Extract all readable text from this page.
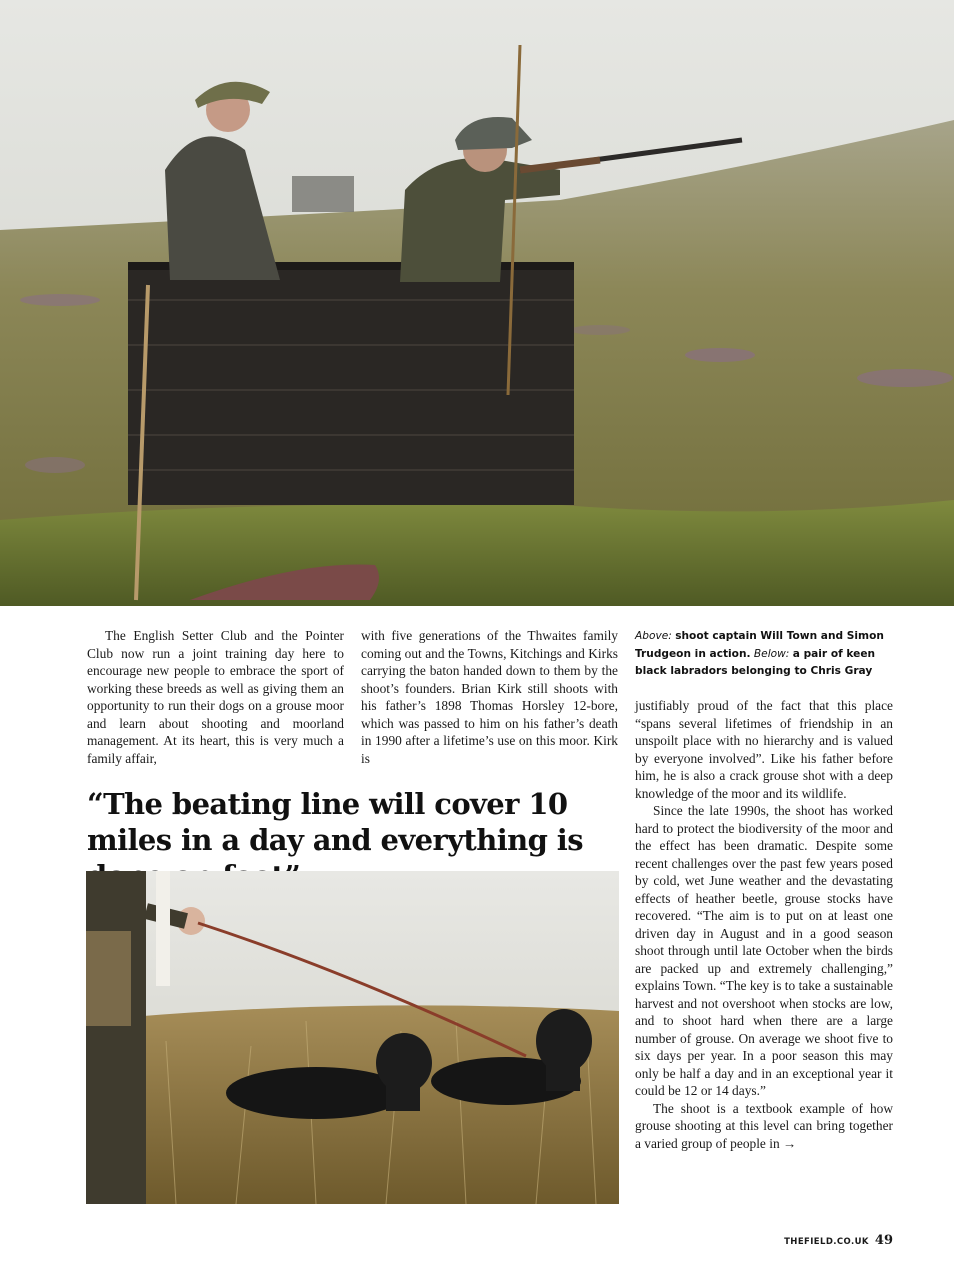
The English Setter Club and the Pointer Club now run a joint training day here to encourage new people to embrace the sport of working these breeds as well as giving them an opportunity to run their dogs on a grouse moor and learn about shooting and moorland management. At its heart, this is very much a family affair,

with five generations of the Thwaites family coming out and the Towns, Kitchings and Kirks carrying the baton handed down to them by the shoot’s founders. Brian Kirk still shoots with his father’s 1898 Thomas Horsley 12-bore, which was passed to him on his father’s death in 1990 after a lifetime’s use on this moor. Kirk is

Above: shoot captain Will Town and Simon Trudgeon in action. Below: a pair of keen black labradors belonging to Chris Gray
“The beating line will cover 10 miles in a day and everything is

justifiably proud of the fact that this place “spans several lifetimes of friendship in an unspoilt place with no hierarchy and is valued by everyone involved”. Like his father before him, he is also a crack grouse shot with a deep knowledge of the moor and its wildlife.

Since the late 1990s, the shoot has worked hard to protect the biodiversity of the moor and the effect has been dramatic. Despite some recent challenges over the past few years posed by cold, wet June weather and the devastating effects of heather beetle, grouse stocks have recovered. “The aim is to put on at least one driven day in August and in a good season shoot through until late October when the birds are packed up and extremely challenging,” explains Town. “The key is to take a sustainable harvest and not overshoot when stocks are low, and to shoot hard when there are a large number of grouse. On average we shoot five to six days per year. In a poor season this may only be half a day and in an exceptional year it could be 12 or 14 days.”

The shoot is a textbook example of how grouse shooting at this level can bring together a varied group of people in →

THEFIELD.CO.UK 49
